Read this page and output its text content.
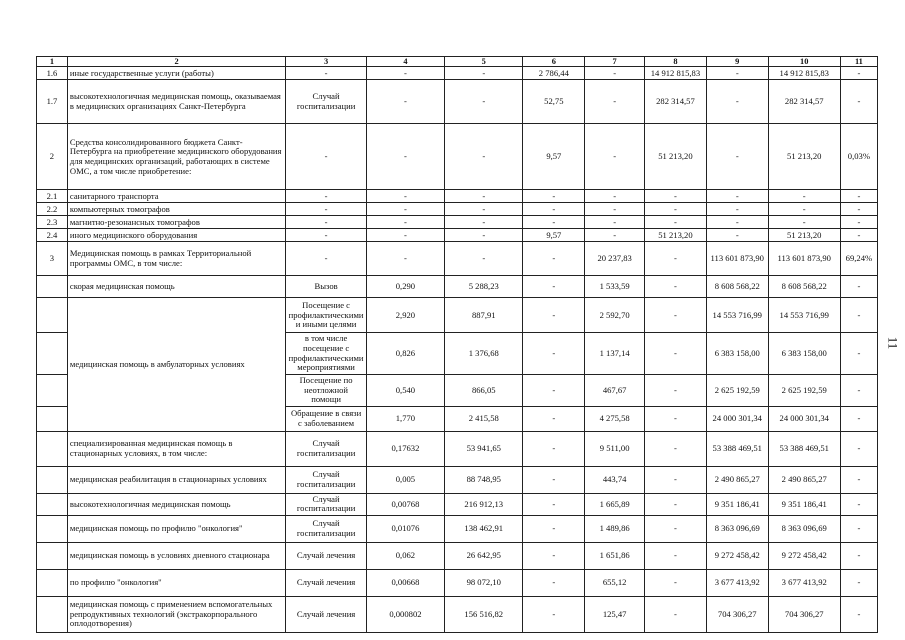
11
1	2	3	4	5	6	7	8	9	10	11
1.6	иные государственные услуги (работы)	-	-	-	2 786,44	-	14 912 815,83	-	14 912 815,83	-
1.7	высокотехнологичная медицинская помощь, оказываемая в медицинских организациях Санкт-Петербурга	Случай госпитализации	-	-	52,75	-	282 314,57	-	282 314,57	-
2	Средства консолидированного бюджета Санкт-Петербурга на приобретение медицинского оборудования для медицинских организаций, работающих в системе ОМС, а том числе приобретение:	-	-	-	9,57	-	51 213,20	-	51 213,20	0,03%
2.1	санитарного транспорта	-	-	-	-	-	-	-	-	-
2.2	компьютерных томографов	-	-	-	-	-	-	-	-	-
2.3	магнитно-резонансных томографов	-	-	-	-	-	-	-	-	-
2.4	иного медицинского оборудования	-	-	-	9,57	-	51 213,20	-	51 213,20	-
3	Медицинская помощь в рамках Территориальной программы ОМС, в том числе:	-	-	-	-	20 237,83	-	113 601 873,90	113 601 873,90	69,24%
	скорая медицинская помощь	Вызов	0,290	5 288,23	-	1 533,59	-	8 608 568,22	8 608 568,22	-
	медицинская помощь в амбулаторных условиях	Посещение с профилактическими и иными целями	2,920	887,91	-	2 592,70	-	14 553 716,99	14 553 716,99	-
		в том числе посещение с профилактическими мероприятиями	0,826	1 376,68	-	1 137,14	-	6 383 158,00	6 383 158,00	-
		Посещение по неотложной помощи	0,540	866,05	-	467,67	-	2 625 192,59	2 625 192,59	-
		Обращение в связи с заболеванием	1,770	2 415,58	-	4 275,58	-	24 000 301,34	24 000 301,34	-
	специализированная медицинская помощь в стационарных условиях, в том числе:	Случай госпитализации	0,17632	53 941,65	-	9 511,00	-	53 388 469,51	53 388 469,51	-
	медицинская реабилитация в стационарных условиях	Случай госпитализации	0,005	88 748,95	-	443,74	-	2 490 865,27	2 490 865,27	-
	высокотехнологичная медицинская помощь	Случай госпитализации	0,00768	216 912,13	-	1 665,89	-	9 351 186,41	9 351 186,41	-
	медицинская помощь по профилю "онкология"	Случай госпитализации	0,01076	138 462,91	-	1 489,86	-	8 363 096,69	8 363 096,69	-
	медицинская помощь в условиях дневного стационара	Случай лечения	0,062	26 642,95	-	1 651,86	-	9 272 458,42	9 272 458,42	-
	по профилю "онкология"	Случай лечения	0,00668	98 072,10	-	655,12	-	3 677 413,92	3 677 413,92	-
	медицинская помощь с применением вспомогательных репродуктивных технологий (экстракорпорального оплодотворения)	Случай лечения	0,000802	156 516,82	-	125,47	-	704 306,27	704 306,27	-
